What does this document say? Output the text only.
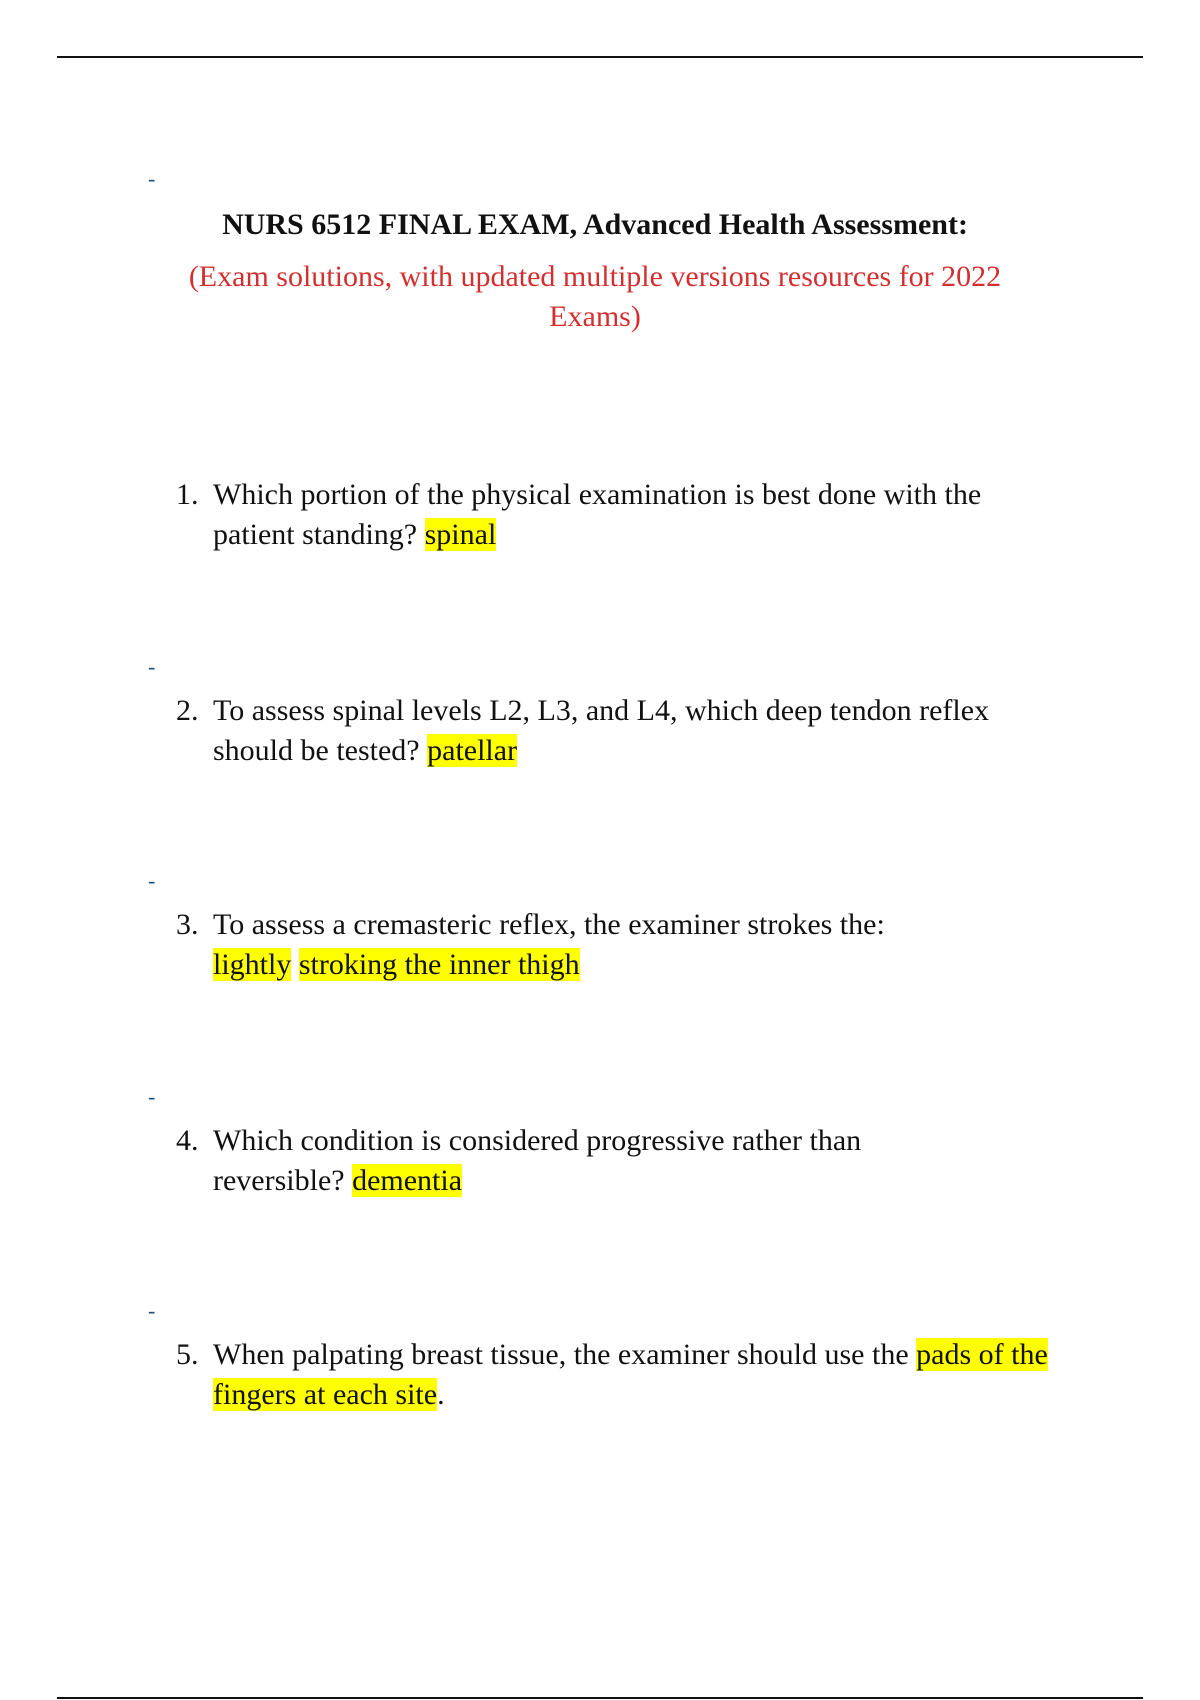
-
NURS 6512 FINAL EXAM, Advanced Health Assessment:
(Exam solutions, with updated multiple versions resources for 2022 Exams)
1. Which portion of the physical examination is best done with the patient standing? spinal
-
2. To assess spinal levels L2, L3, and L4, which deep tendon reflex should be tested? patellar
-
3. To assess a cremasteric reflex, the examiner strokes the:
lightly stroking the inner thigh
-
4. Which condition is considered progressive rather than reversible? dementia
-
5. When palpating breast tissue, the examiner should use the pads of the fingers at each site.
